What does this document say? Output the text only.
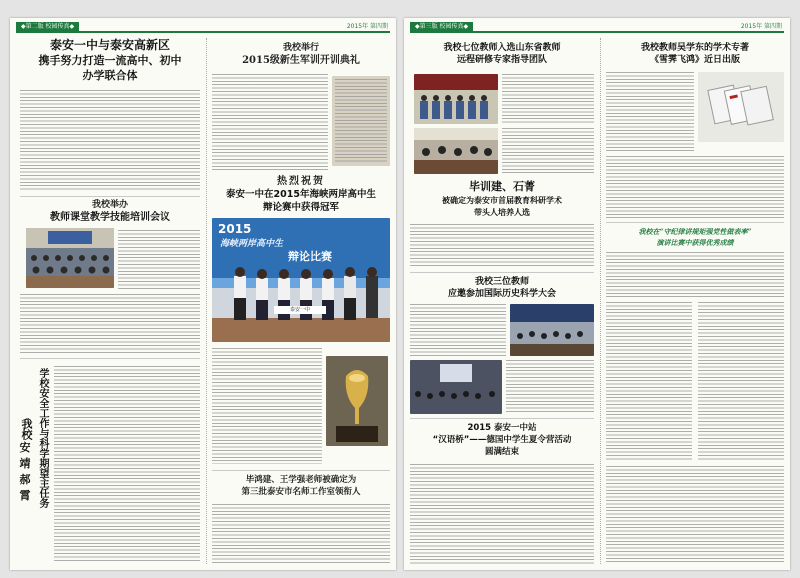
◆第二版 校园传真◆	2015年 第四期
泰安一中与泰安高新区
携手努力打造一流高中、初中
办学联合体
我校举办
教师课堂教学技能培训会议
学校安全工作与科学期望主任务
我校
安
靖
郝
霄
我校举行
2015级新生军训开训典礼
热烈祝贺
泰安一中在2015年海峡两岸高中生
辩论赛中获得冠军
2015
海峡两岸高中生
辩论比赛
泰安一中
毕鸿建、王学强老师被确定为
第三批泰安市名师工作室领衔人
◆第三版 校园传真◆	2015年 第四期
我校七位教师入选山东省教师
远程研修专家指导团队
我校教师吴学东的学术专著
《雪霁飞鸿》近日出版
毕训建、石菁
被确定为泰安市首届教育科研学术
带头人培养人选
我校在“守纪律讲规矩强党性做表率”
演讲比赛中获得优秀成绩
我校三位教师
应邀参加国际历史科学大会
2015 泰安一中站
“汉语桥”——德国中学生夏令营活动
圆满结束
